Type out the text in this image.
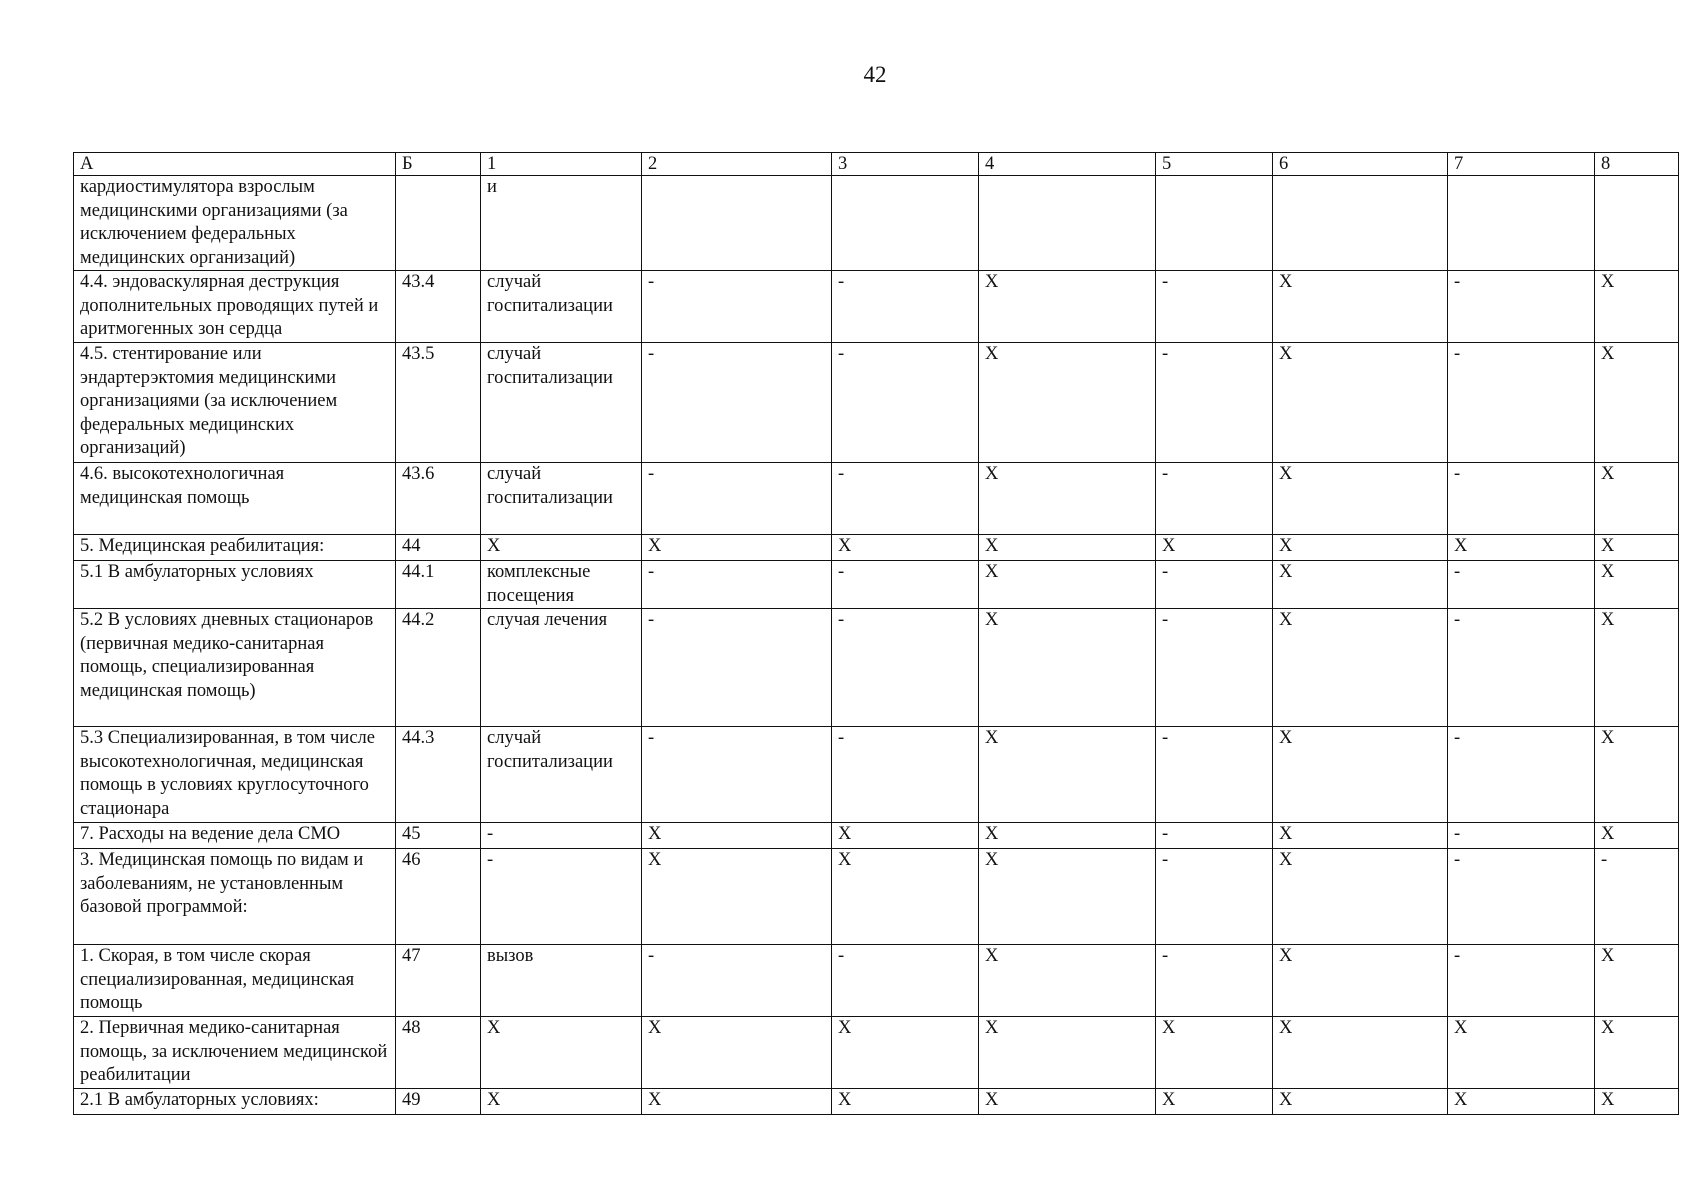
42
А	Б	1	2	3	4	5	6	7	8
кардиостимулятора взрослым медицинскими организациями (за исключением федеральных медицинских организаций)		и							
4.4. эндоваскулярная деструкция дополнительных проводящих путей и аритмогенных зон сердца	43.4	случай госпитализации	-	-	X	-	X	-	X
4.5. стентирование или эндартерэктомия медицинскими организациями (за исключением федеральных медицинских организаций)	43.5	случай госпитализации	-	-	X	-	X	-	X
4.6. высокотехнологичная медицинская помощь	43.6	случай госпитализации	-	-	X	-	X	-	X
5. Медицинская реабилитация:	44	X	X	X	X	X	X	X	X
5.1 В амбулаторных условиях	44.1	комплексные посещения	-	-	X	-	X	-	X
5.2 В условиях дневных стационаров (первичная медико-санитарная помощь, специализированная медицинская помощь)	44.2	случая лечения	-	-	X	-	X	-	X
5.3 Специализированная, в том числе высокотехнологичная, медицинская помощь в условиях круглосуточного стационара	44.3	случай госпитализации	-	-	X	-	X	-	X
7. Расходы на ведение дела СМО	45	-	X	X	X	-	X	-	X
3. Медицинская помощь по видам и заболеваниям, не установленным базовой программой:	46	-	X	X	X	-	X	-	-
1. Скорая, в том числе скорая специализированная, медицинская помощь	47	вызов	-	-	X	-	X	-	X
2. Первичная медико-санитарная помощь, за исключением медицинской реабилитации	48	X	X	X	X	X	X	X	X
2.1 В амбулаторных условиях:	49	X	X	X	X	X	X	X	X
